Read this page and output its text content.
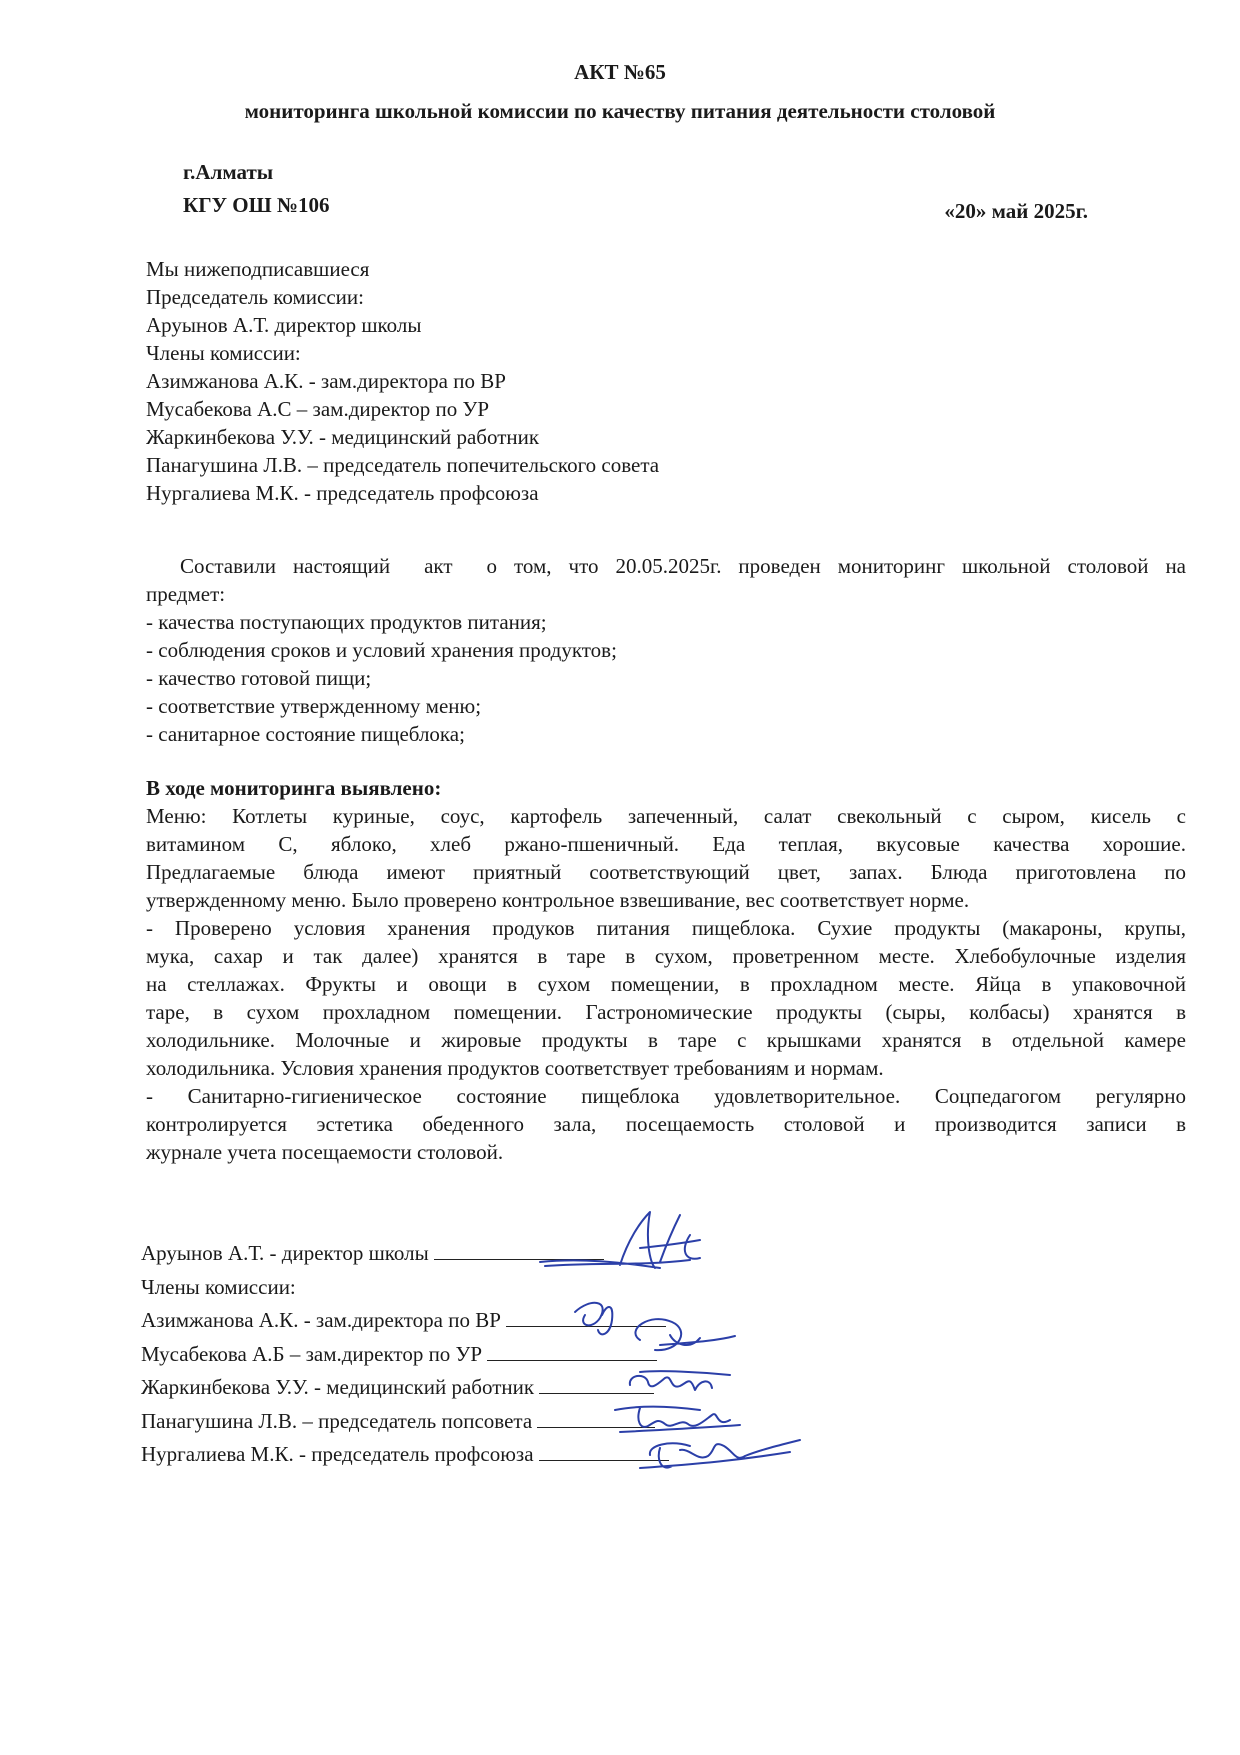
АКТ №65
мониторинга школьной комиссии по качеству питания деятельности столовой
г.Алматы
КГУ ОШ №106	«20» май 2025г.
Мы нижеподписавшиеся
Председатель комиссии:
Аруынов А.Т. директор школы
Члены комиссии:
Азимжанова А.К. - зам.директора по ВР
Мусабекова А.С – зам.директор по УР
Жаркинбекова У.У. - медицинский работник
Панагушина Л.В. – председатель попечительского совета
Нургалиева М.К. - председатель профсоюза
Составили настоящий  акт  о том, что 20.05.2025г. проведен мониторинг школьной столовой на
предмет:
- качества поступающих продуктов питания;
- соблюдения сроков и условий хранения продуктов;
- качество готовой пищи;
- соответствие утвержденному меню;
- санитарное состояние пищеблока;
В ходе мониторинга выявлено:
Меню: Котлеты куриные, соус, картофель запеченный, салат свекольный с сыром, кисель с
витамином С, яблоко, хлеб ржано-пшеничный. Еда теплая, вкусовые качества хорошие.
Предлагаемые блюда имеют приятный соответствующий цвет, запах. Блюда приготовлена по
утвержденному меню. Было проверено контрольное взвешивание, вес соответствует норме.
- Проверено условия хранения продуков питания пищеблока. Сухие продукты (макароны, крупы,
мука, сахар и так далее) хранятся в таре в сухом, проветренном месте. Хлебобулочные изделия
на стеллажах. Фрукты и овощи в сухом помещении, в прохладном месте. Яйца в упаковочной
таре, в сухом прохладном помещении. Гастрономические продукты (сыры, колбасы) хранятся в
холодильнике. Молочные и жировые продукты в таре с крышками хранятся в отдельной камере
холодильника. Условия хранения продуктов соответствует требованиям и нормам.
- Санитарно-гигиеническое состояние пищеблока удовлетворительное. Соцпедагогом регулярно
контролируется эстетика обеденного зала, посещаемость столовой и производится записи в
журнале учета посещаемости столовой.
Аруынов А.Т. - директор школы
Члены комиссии:
Азимжанова А.К. - зам.директора по ВР
Мусабекова А.Б – зам.директор по УР
Жаркинбекова У.У. - медицинский работник
Панагушина Л.В. – председатель попсовета
Нургалиева М.К. - председатель профсоюза
